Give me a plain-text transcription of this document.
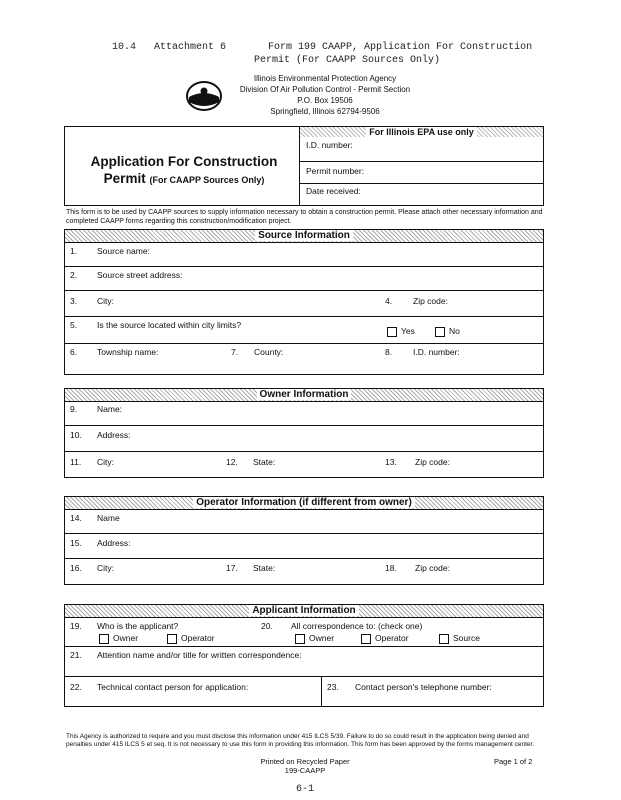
10.4   Attachment 6       Form 199 CAAPP, Application For Construction
Permit (For CAAPP Sources Only)
Illinois Environmental Protection Agency
Division Of Air Pollution Control - Permit Section
P.O. Box 19506
Springfield, Illinois 62794-9506
Application For Construction
Permit (For CAAPP Sources Only)
For Illinois EPA use only
I.D. number:
Permit number:
Date received:
This form is to be used by CAAPP sources to supply information necessary to obtain a construction permit. Please attach other necessary information and completed CAAPP forms regarding this construction/modification project.
Source Information
1. Source name:
2. Source street address:
3. City:	4. Zip code:
5. Is the source located within city limits?
Yes	No
6. Township name:	7. County:	8. I.D. number:
Owner Information
9. Name:
10. Address:
11. City:	12. State:	13. Zip code:
Operator Information (if different from owner)
14. Name
15. Address:
16. City:	17. State:	18. Zip code:
Applicant Information
19. Who is the applicant?
Owner	Operator
20. All correspondence to: (check one)
Owner	Operator	Source
21. Attention name and/or title for written correspondence:
22. Technical contact person for application:	23. Contact person's telephone number:
This Agency is authorized to require and you must disclose this information under 415 ILCS 5/39. Failure to do so could result in the application being denied and penalties under 415 ILCS 5 et seq. It is not necessary to use this form in providing this information. This form has been approved by the forms management center.
Printed on Recycled Paper
199-CAAPP
Page 1 of 2
6-1
